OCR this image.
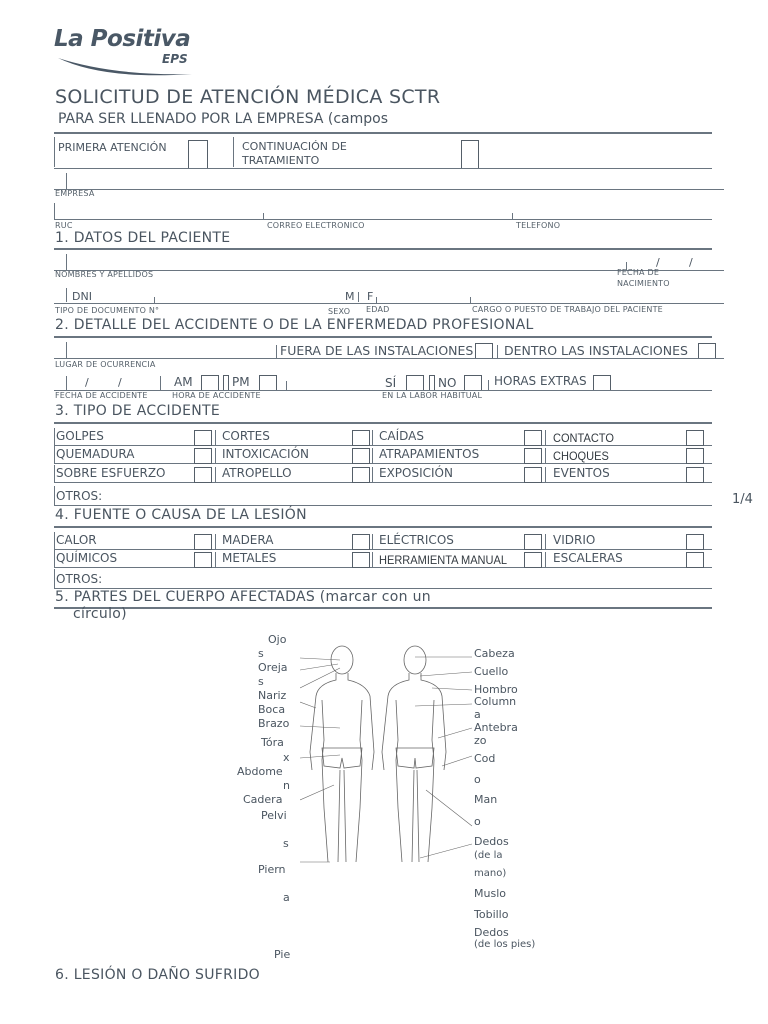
La Positiva
EPS
SOLICITUD DE ATENCIÓN MÉDICA SCTR
PARA SER LLENADO POR LA EMPRESA (campos
PRIMERA ATENCIÓN	CONTINUACIÓN DE
TRATAMIENTO
EMPRESA
RUC	CORREO ELECTRONICO	TELEFONO
1. DATOS DEL PACIENTE
/	/
NOMBRES Y APELLIDOS	FECHA DE
NACIMIENTO
DNI	M F
TIPO DE DOCUMENTO N°	SEXO EDAD	CARGO O PUESTO DE TRABAJO DEL PACIENTE
2. DETALLE DEL ACCIDENTE O DE LA ENFERMEDAD PROFESIONAL
FUERA DE LAS INSTALACIONES DENTRO LAS INSTALACIONES
LUGAR DE OCURRENCIA
/	/	AM	PM	SÍ	NO	HORAS EXTRAS
FECHA DE ACCIDENTE	HORA DE ACCIDENTE	EN LA LABOR HABITUAL
3. TIPO DE ACCIDENTE
GOLPES	CORTES	CAÍDAS	CONTACTO
QUEMADURA	INTOXICACIÓN	ATRAPAMIENTOS	CHOQUES
SOBRE ESFUERZO	ATROPELLO	EXPOSICIÓN	EVENTOS
OTROS:	1/4
4. FUENTE O CAUSA DE LA LESIÓN
CALOR	MADERA	ELÉCTRICOS	VIDRIO
QUÍMICOS	METALES	HERRAMIENTA MANUAL	ESCALERAS
OTROS:
5. PARTES DEL CUERPO AFECTADAS (marcar con un
círculo)
Ojo
s
Oreja
s
Nariz
Boca
Brazo
Tóra
x
Abdome
n
Cadera
Pelvi
s
Piern
a
Pie
Cabeza
Cuello
Hombro
Column
a
Antebra
zo
Cod
o
Man
o
Dedos
(de la
mano)
Muslo
Tobillo
Dedos
(de los pies)
6. LESIÓN O DAÑO SUFRIDO
